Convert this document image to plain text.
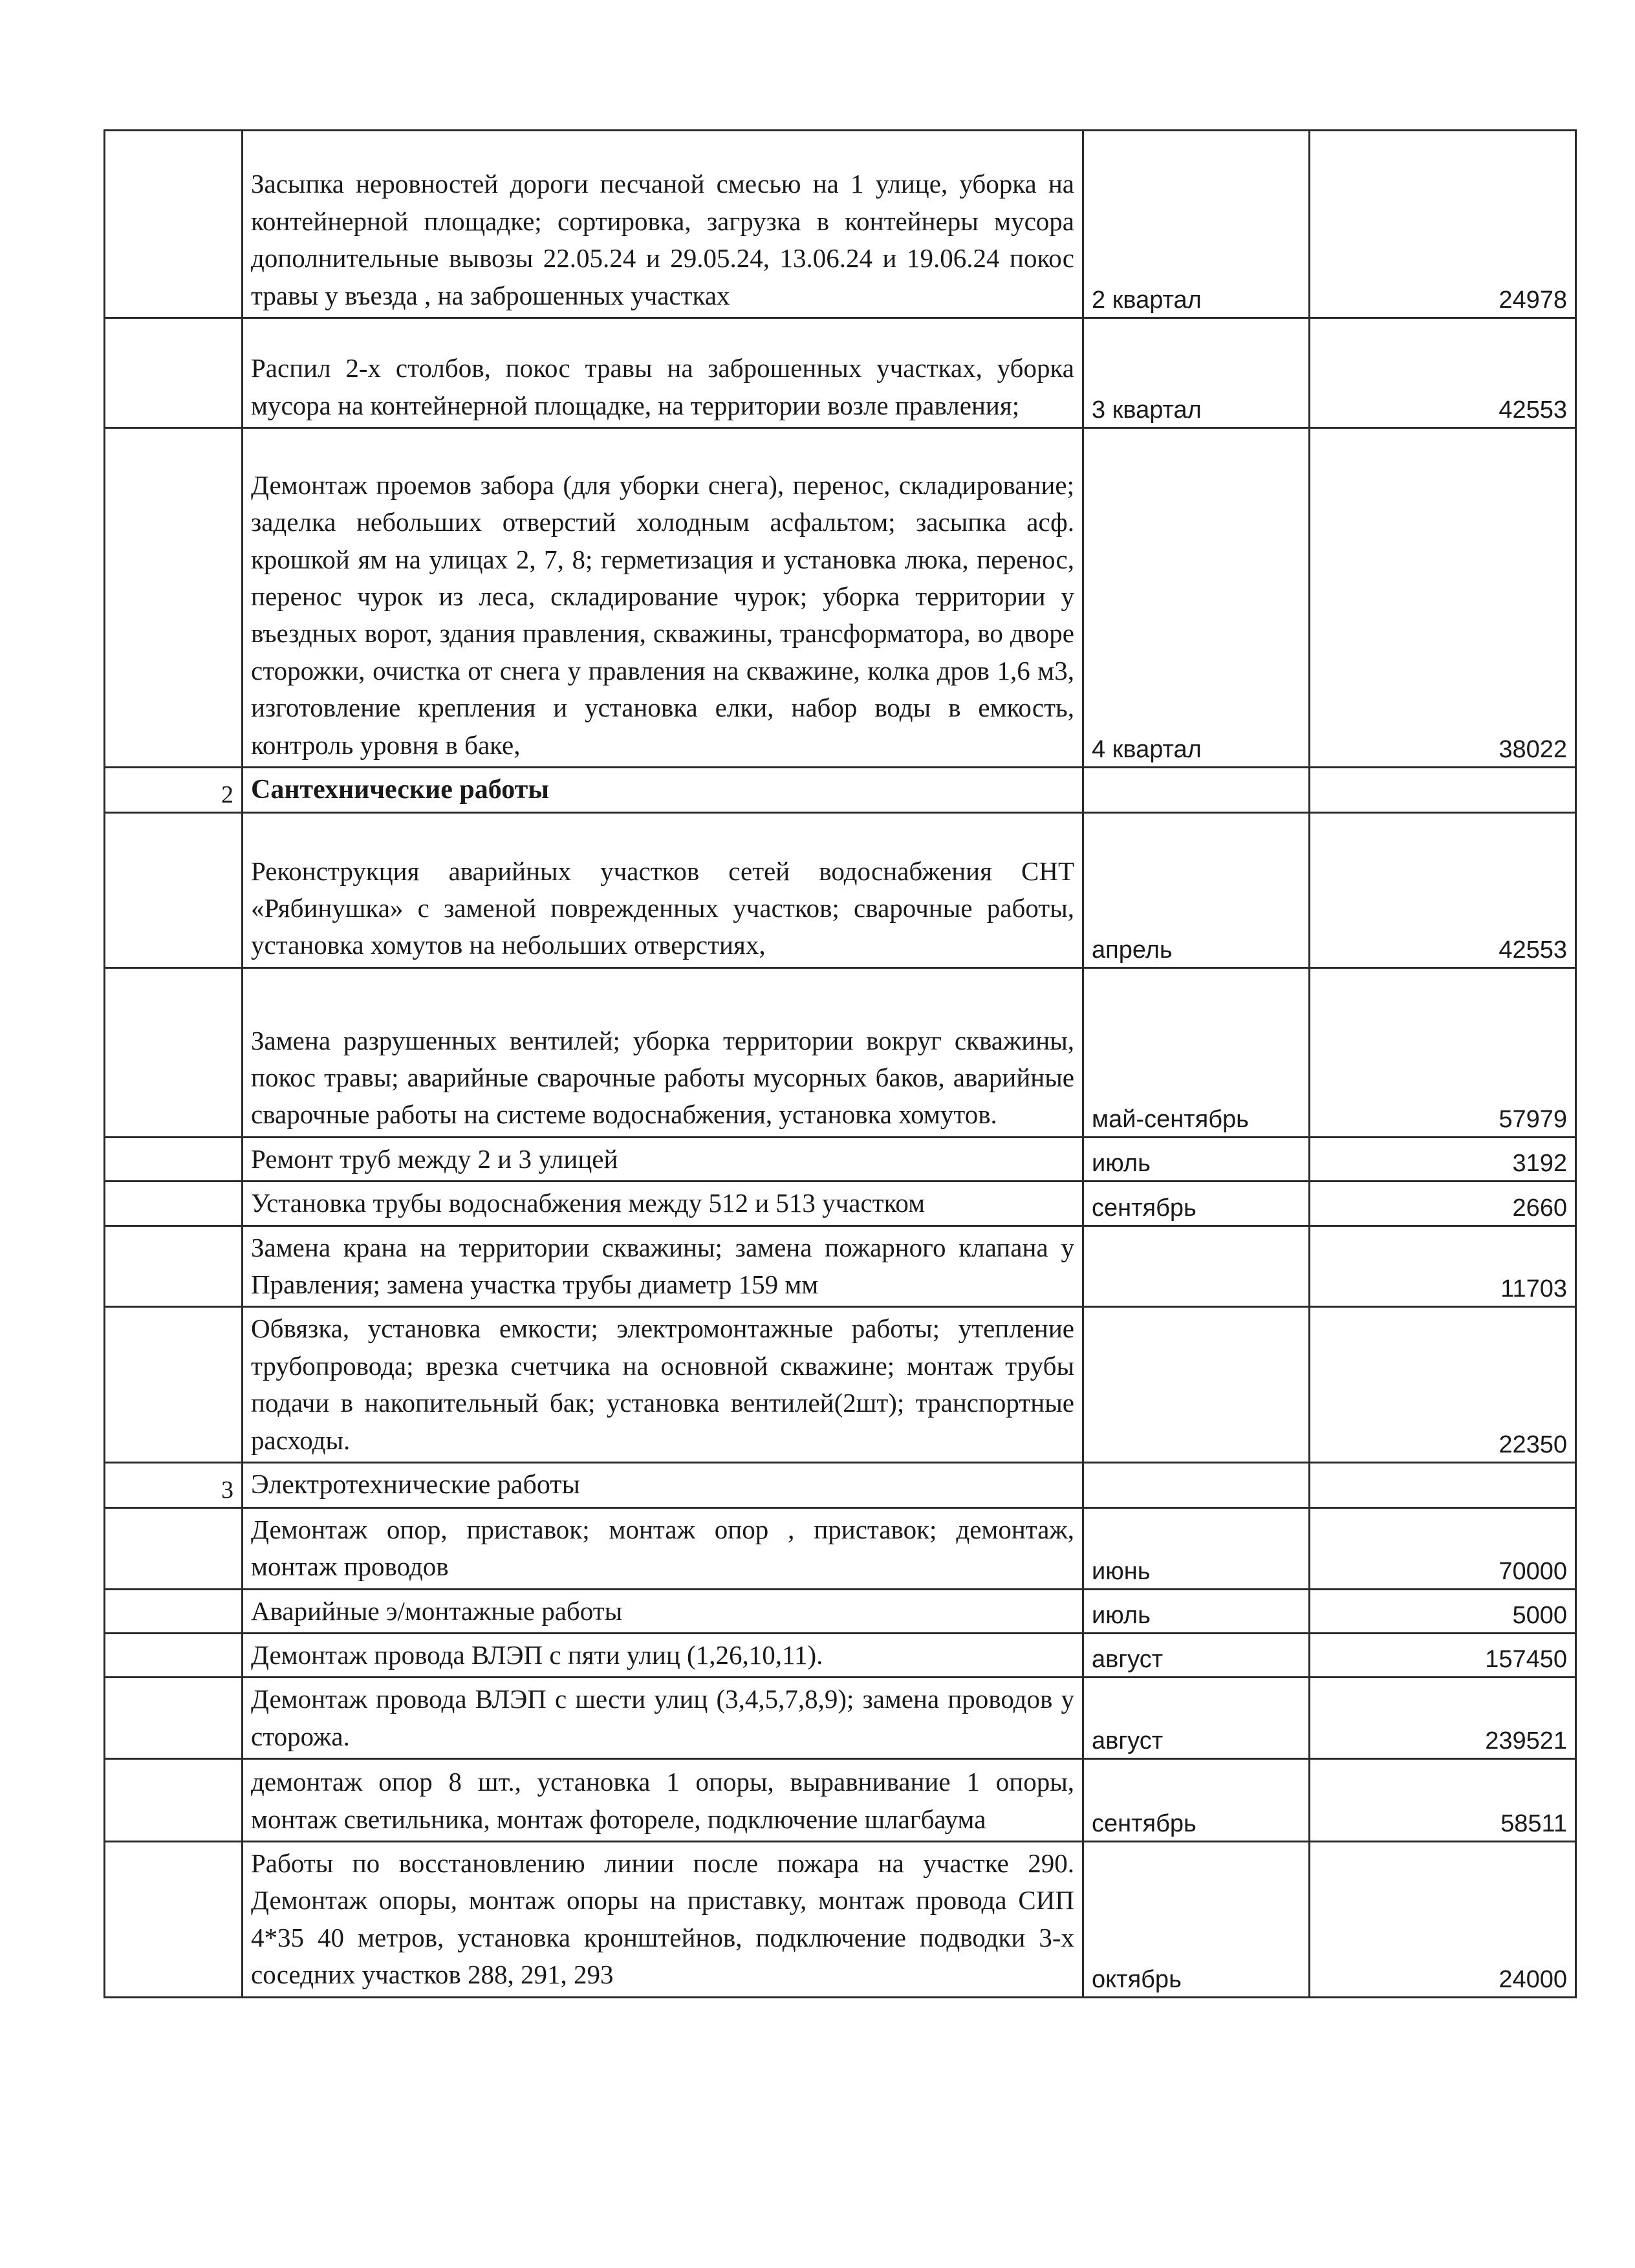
	Засыпка неровностей дороги песчаной смесью на 1 улице, уборка на контейнерной площадке; сортировка, загрузка в контейнеры мусора дополнительные вывозы 22.05.24 и 29.05.24, 13.06.24 и 19.06.24 покос травы у въезда , на заброшенных участках	2 квартал	24978
	Распил 2-х столбов, покос травы на заброшенных участках, уборка мусора на контейнерной площадке, на территории возле правления;	3 квартал	42553
	Демонтаж проемов забора (для уборки снега), перенос, складирование; заделка небольших отверстий холодным асфальтом; засыпка асф. крошкой ям на улицах 2, 7, 8; герметизация и установка люка, перенос, перенос чурок из леса, складирование чурок; уборка территории у въездных ворот, здания правления, скважины, трансформатора, во дворе сторожки, очистка от снега у правления на скважине, колка дров 1,6 м3, изготовление крепления и установка елки, набор воды в емкость, контроль уровня в баке,	4 квартал	38022
2	Сантехнические работы		
	Реконструкция аварийных участков сетей водоснабжения СНТ «Рябинушка» с заменой поврежденных участков; сварочные работы, установка хомутов на небольших отверстиях,	апрель	42553
	Замена разрушенных вентилей; уборка территории вокруг скважины, покос травы; аварийные сварочные работы мусорных баков, аварийные сварочные работы на системе водоснабжения, установка хомутов.	май-сентябрь	57979
	Ремонт труб между 2 и 3 улицей	июль	3192
	Установка трубы водоснабжения между 512 и 513 участком	сентябрь	2660
	Замена крана на территории скважины; замена пожарного клапана у Правления; замена участка трубы диаметр 159 мм		11703
	Обвязка, установка емкости; электромонтажные работы; утепление трубопровода; врезка счетчика на основной скважине; монтаж трубы подачи в накопительный бак; установка вентилей(2шт); транспортные расходы.		22350
3	Электротехнические работы		
	Демонтаж опор, приставок; монтаж опор , приставок; демонтаж, монтаж проводов	июнь	70000
	Аварийные э/монтажные работы	июль	5000
	Демонтаж провода ВЛЭП с пяти улиц (1,26,10,11).	август	157450
	Демонтаж провода ВЛЭП с шести улиц (3,4,5,7,8,9); замена проводов у сторожа.	август	239521
	демонтаж опор 8 шт., установка 1 опоры, выравнивание 1 опоры, монтаж светильника, монтаж фотореле, подключение шлагбаума	сентябрь	58511
	Работы по восстановлению линии после пожара на участке 290. Демонтаж опоры, монтаж опоры на приставку, монтаж провода СИП 4*35 40 метров, установка кронштейнов, подключение подводки 3-х соседних участков 288, 291, 293	октябрь	24000
